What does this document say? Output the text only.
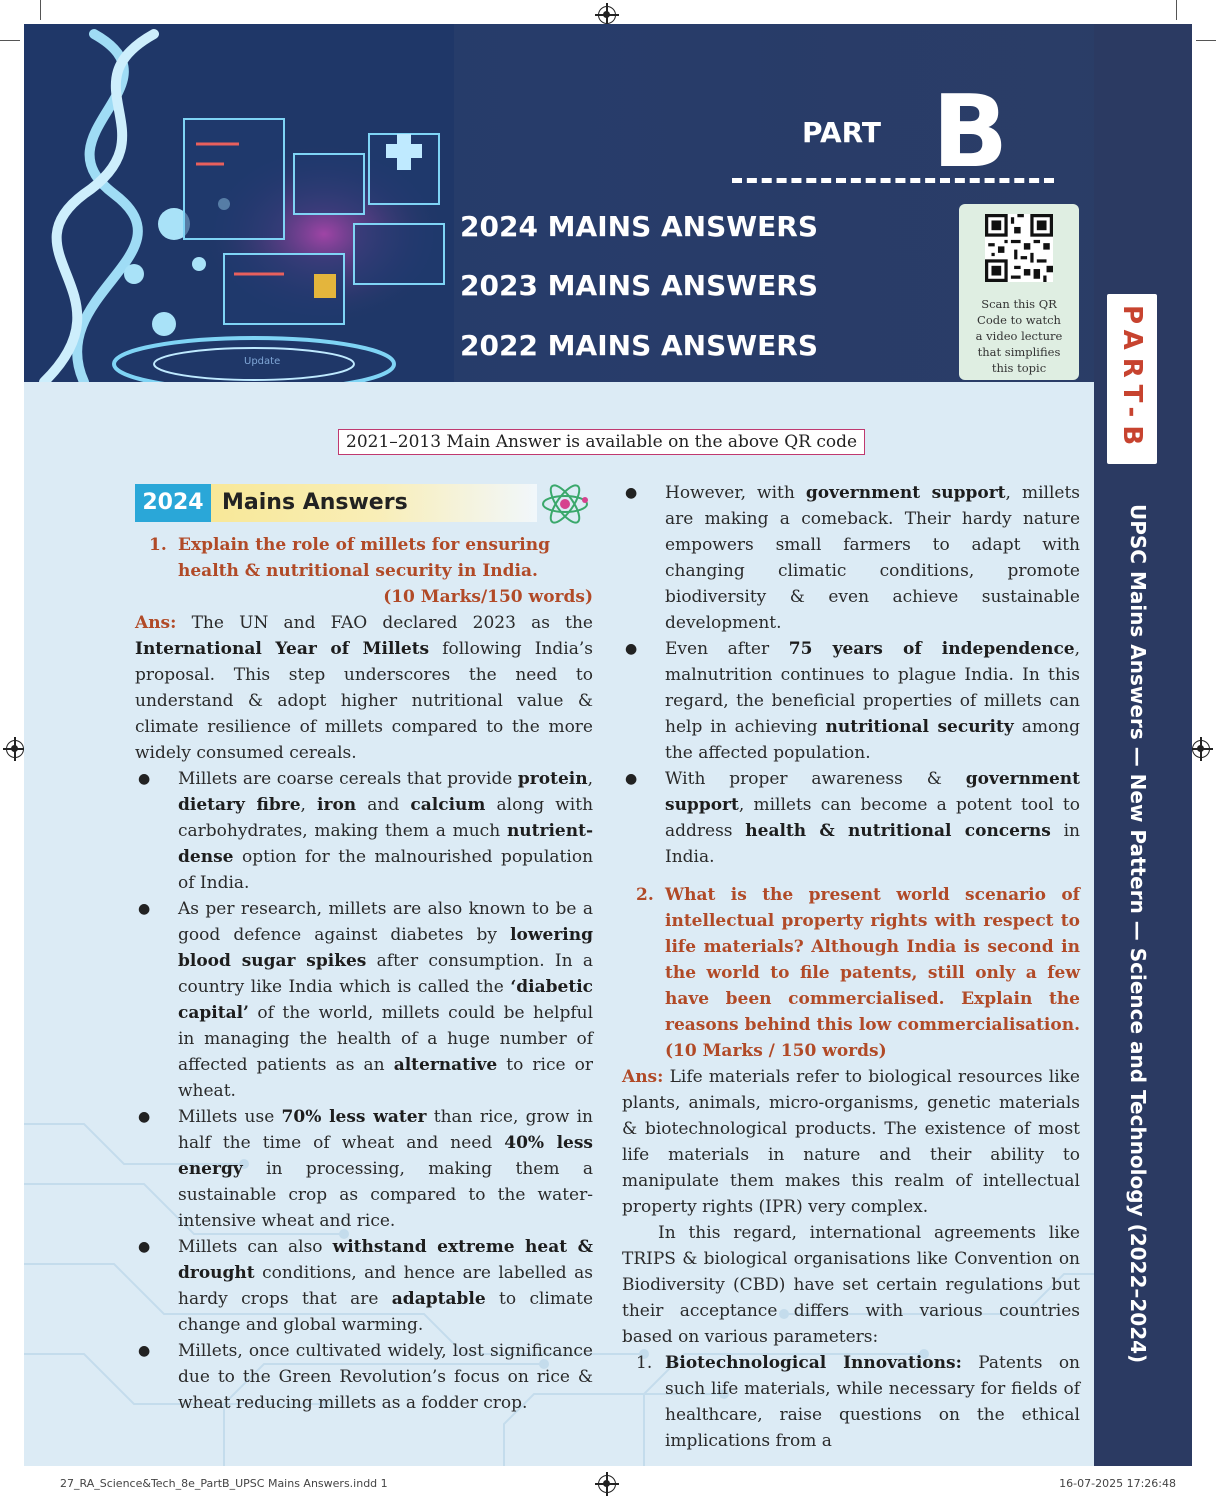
Update
PART B
2024 MAINS ANSWERS
2023 MAINS ANSWERS
2022 MAINS ANSWERS
Scan this QR
Code to watch
a video lecture
that simplifies
this topic	PART-B
UPSC Mains Answers — New Pattern — Science and Technology (2022–2024)
2021–2013 Main Answer is available on the above QR code
2024 Mains Answers
1. Explain the role of millets for ensuring health & nutritional security in India.
(10 Marks/150 words)
Ans: The UN and FAO declared 2023 as the International Year of Millets following India’s proposal. This step underscores the need to understand & adopt higher nutritional value & climate resilience of millets compared to the more widely consumed cereals.
● Millets are coarse cereals that provide protein, dietary fibre, iron and calcium along with carbohydrates, making them a much nutrient-dense option for the malnourished population of India.
● As per research, millets are also known to be a good defence against diabetes by lowering blood sugar spikes after consumption. In a country like India which is called the ‘diabetic capital’ of the world, millets could be helpful in managing the health of a huge number of affected patients as an alternative to rice or wheat.
● Millets use 70% less water than rice, grow in half the time of wheat and need 40% less energy in processing, making them a sustainable crop as compared to the water-intensive wheat and rice.
● Millets can also withstand extreme heat & drought conditions, and hence are labelled as hardy crops that are adaptable to climate change and global warming.
● Millets, once cultivated widely, lost significance due to the Green Revolution’s focus on rice & wheat reducing millets as a fodder crop.
● However, with government support, millets are making a comeback. Their hardy nature empowers small farmers to adapt with changing climatic conditions, promote biodiversity & even achieve sustainable development.
● Even after 75 years of independence, malnutrition continues to plague India. In this regard, the beneficial properties of millets can help in achieving nutritional security among the affected population.
● With proper awareness & government support, millets can become a potent tool to address health & nutritional concerns in India.
2. What is the present world scenario of intellectual property rights with respect to life materials? Although India is second in the world to file patents, still only a few have been commercialised. Explain the reasons behind this low commercialisation. (10 Marks / 150 words)
Ans: Life materials refer to biological resources like plants, animals, micro-organisms, genetic materials & biotechnological products. The existence of most life materials in nature and their ability to manipulate them makes this realm of intellectual property rights (IPR) very complex.
In this regard, international agreements like TRIPS & biological organisations like Convention on Biodiversity (CBD) have set certain regulations but their acceptance differs with various countries based on various parameters:
1. Biotechnological Innovations: Patents on such life materials, while necessary for fields of healthcare, raise questions on the ethical implications from a
27_RA_Science&Tech_8e_PartB_UPSC Mains Answers.indd 1	16-07-2025 17:26:48
